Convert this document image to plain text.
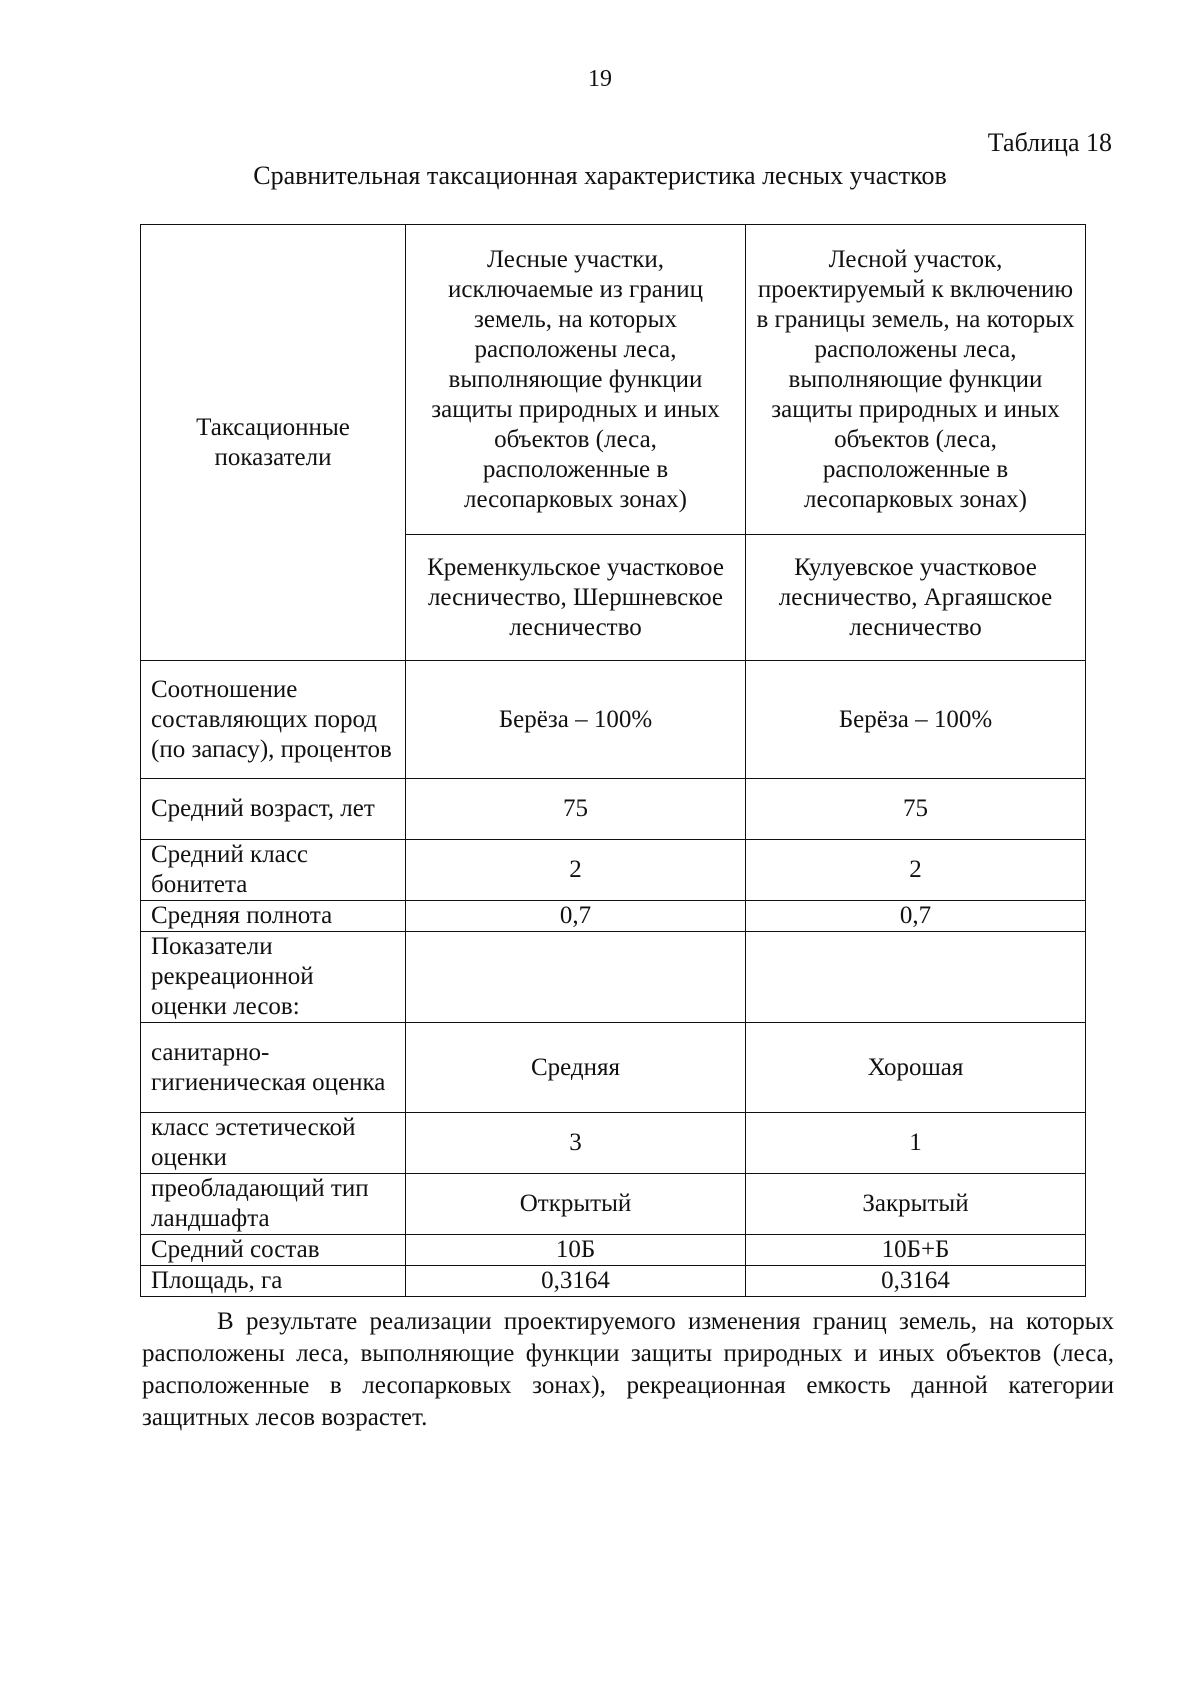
19
Таблица 18
Сравнительная таксационная характеристика лесных участков
Таксационные показатели	Лесные участки, исключаемые из границ земель, на которых расположены леса, выполняющие функции защиты природных и иных объектов (леса, расположенные в лесопарковых зонах)	Лесной участок, проектируемый к включению в границы земель, на которых расположены леса, выполняющие функции защиты природных и иных объектов (леса, расположенные в лесопарковых зонах)
	Кременкульское участковое лесничество, Шершневское лесничество	Кулуевское участковое лесничество, Аргаяшское лесничество
Соотношение составляющих пород (по запасу), процентов	Берёза – 100%	Берёза – 100%
Средний возраст, лет	75	75
Средний класс бонитета	2	2
Средняя полнота	0,7	0,7
Показатели рекреационной оценки лесов:		
санитарно-гигиеническая оценка	Средняя	Хорошая
класс эстетической оценки	3	1
преобладающий тип ландшафта	Открытый	Закрытый
Средний состав	10Б	10Б+Б
Площадь, га	0,3164	0,3164
В результате реализации проектируемого изменения границ земель, на которых расположены леса, выполняющие функции защиты природных и иных объектов (леса, расположенные в лесопарковых зонах), рекреационная емкость данной категории защитных лесов возрастет.
